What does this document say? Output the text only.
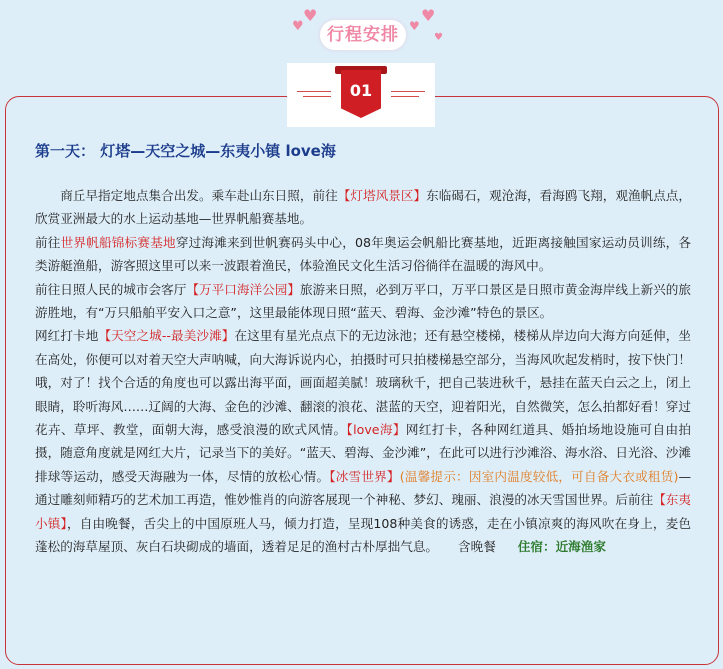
♥
♥
♥
♥
♥
行程安排
01
第一天： 灯塔—天空之城—东夷小镇 love海

商丘早指定地点集合出发。乘车赴山东日照，前往【灯塔风景区】东临碣石，观沧海，看海鸥飞翔，观渔帆点点，欣赏亚洲最大的水上运动基地—世界帆船赛基地。

前往世界帆船锦标赛基地穿过海滩来到世帆赛码头中心，08年奥运会帆船比赛基地，近距离接触国家运动员训练，各类游艇渔船，游客照这里可以来一波跟着渔民，体验渔民文化生活习俗徜徉在温暖的海风中。

前往日照人民的城市会客厅【万平口海洋公园】旅游来日照，必到万平口，万平口景区是日照市黄金海岸线上新兴的旅游胜地，有“万只船舶平安入口之意”，这里最能体现日照“蓝天、碧海、金沙滩”特色的景区。

网红打卡地【天空之城--最美沙滩】在这里有星光点点下的无边泳池；还有悬空楼梯，楼梯从岸边向大海方向延伸，坐在高处，你便可以对着天空大声呐喊，向大海诉说内心，拍摄时可只拍楼梯悬空部分，当海风吹起发梢时，按下快门！哦，对了！找个合适的角度也可以露出海平面，画面超美腻！玻璃秋千，把自己装进秋千，悬挂在蓝天白云之上，闭上眼睛，聆听海风……辽阔的大海、金色的沙滩、翻滚的浪花、湛蓝的天空，迎着阳光，自然微笑，怎么拍都好看！穿过花卉、草坪、教堂，面朝大海，感受浪漫的欧式风情。【love海】网红打卡，各种网红道具、婚拍场地设施可自由拍摄，随意角度就是网红大片，记录当下的美好。“蓝天、碧海、金沙滩”，在此可以进行沙滩浴、海水浴、日光浴、沙滩排球等运动，感受天海融为一体，尽情的放松心情。【冰雪世界】(温馨提示：因室内温度较低，可自备大衣或租赁)—通过雕刻师精巧的艺术加工再造，惟妙惟肖的向游客展现一个神秘、梦幻、瑰丽、浪漫的冰天雪国世界。后前往【东夷小镇】，自由晚餐，舌尖上的中国原班人马，倾力打造，呈现108种美食的诱惑，走在小镇凉爽的海风吹在身上，麦色蓬松的海草屋顶、灰白石块砌成的墙面，透着足足的渔村古朴厚拙气息。 含晚餐 住宿：近海渔家
